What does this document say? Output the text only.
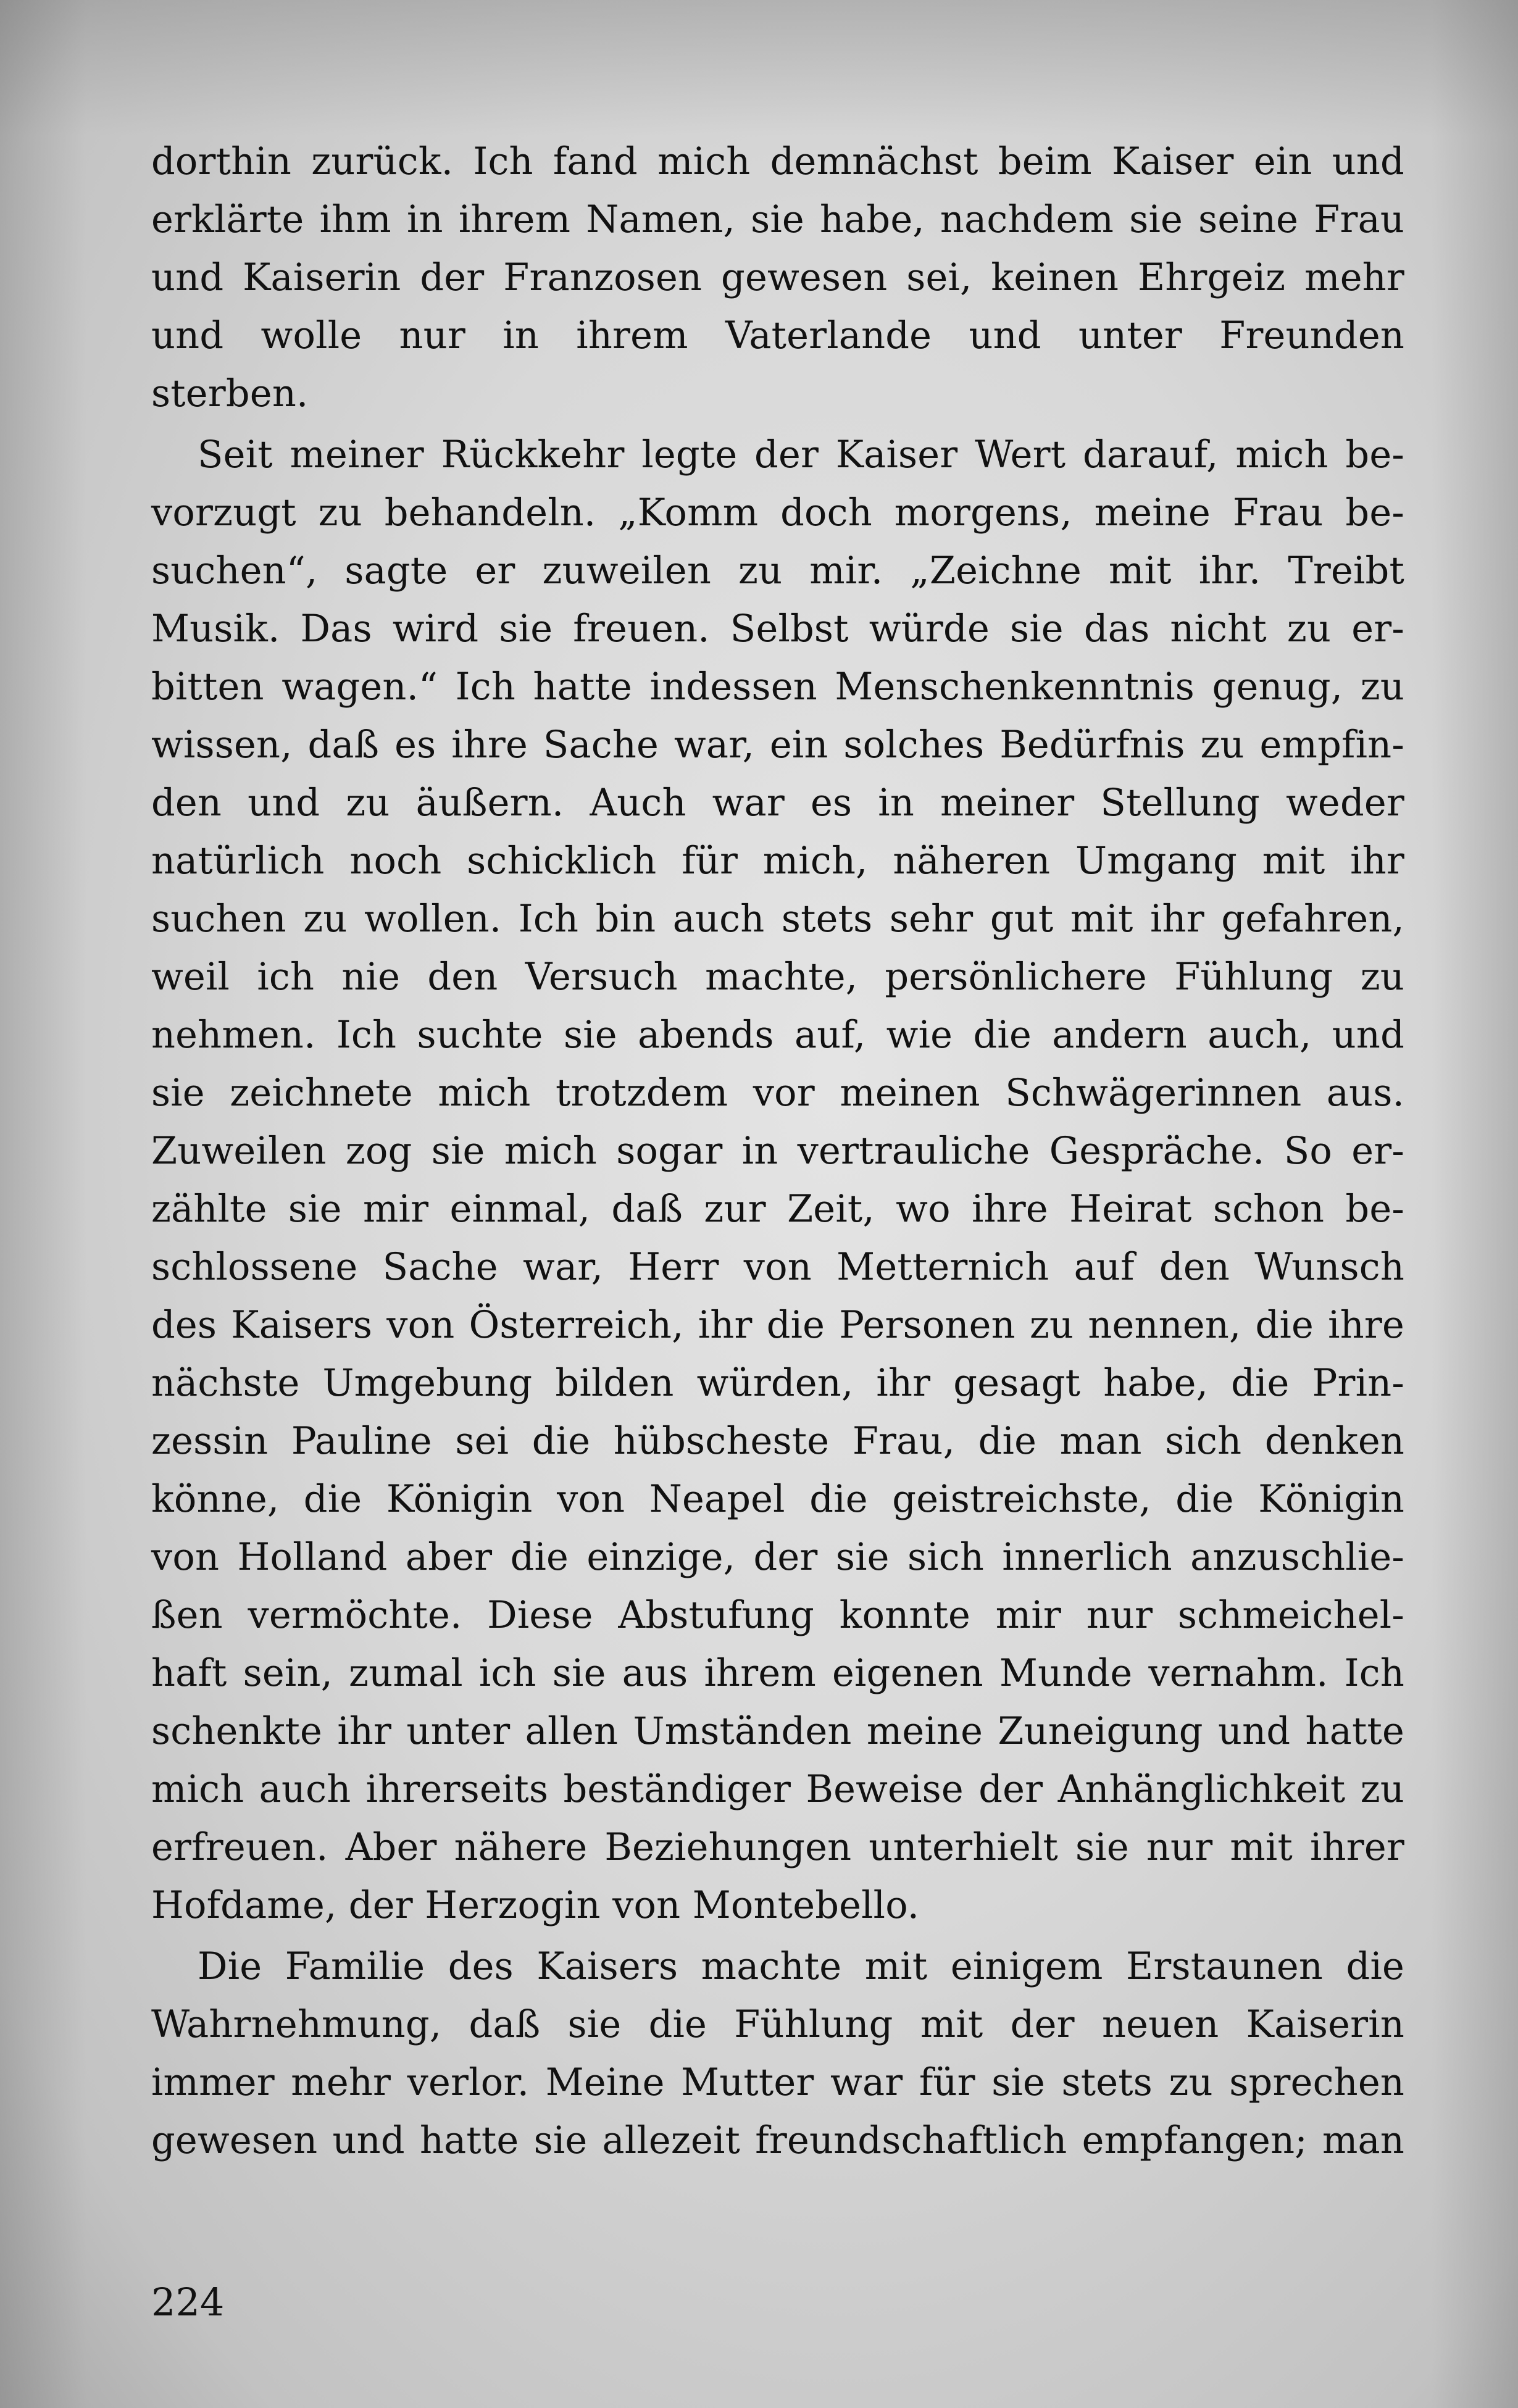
dorthin zurück. Ich fand mich demnächst beim Kaiser ein und
erklärte ihm in ihrem Namen, sie habe, nachdem sie seine Frau
und Kaiserin der Franzosen gewesen sei, keinen Ehrgeiz mehr
und wolle nur in ihrem Vaterlande und unter Freunden
sterben.

Seit meiner Rückkehr legte der Kaiser Wert darauf, mich be-
vorzugt zu behandeln. „Komm doch morgens, meine Frau be-
suchen“, sagte er zuweilen zu mir. „Zeichne mit ihr. Treibt
Musik. Das wird sie freuen. Selbst würde sie das nicht zu er-
bitten wagen.“ Ich hatte indessen Menschenkenntnis genug, zu
wissen, daß es ihre Sache war, ein solches Bedürfnis zu empfin-
den und zu äußern. Auch war es in meiner Stellung weder
natürlich noch schicklich für mich, näheren Umgang mit ihr
suchen zu wollen. Ich bin auch stets sehr gut mit ihr gefahren,
weil ich nie den Versuch machte, persönlichere Fühlung zu
nehmen. Ich suchte sie abends auf, wie die andern auch, und
sie zeichnete mich trotzdem vor meinen Schwägerinnen aus.
Zuweilen zog sie mich sogar in vertrauliche Gespräche. So er-
zählte sie mir einmal, daß zur Zeit, wo ihre Heirat schon be-
schlossene Sache war, Herr von Metternich auf den Wunsch
des Kaisers von Österreich, ihr die Personen zu nennen, die ihre
nächste Umgebung bilden würden, ihr gesagt habe, die Prin-
zessin Pauline sei die hübscheste Frau, die man sich denken
könne, die Königin von Neapel die geistreichste, die Königin
von Holland aber die einzige, der sie sich innerlich anzuschlie-
ßen vermöchte. Diese Abstufung konnte mir nur schmeichel-
haft sein, zumal ich sie aus ihrem eigenen Munde vernahm. Ich
schenkte ihr unter allen Umständen meine Zuneigung und hatte
mich auch ihrerseits beständiger Beweise der Anhänglichkeit zu
erfreuen. Aber nähere Beziehungen unterhielt sie nur mit ihrer
Hofdame, der Herzogin von Montebello.

Die Familie des Kaisers machte mit einigem Erstaunen die
Wahrnehmung, daß sie die Fühlung mit der neuen Kaiserin
immer mehr verlor. Meine Mutter war für sie stets zu sprechen
gewesen und hatte sie allezeit freundschaftlich empfangen; man

224
